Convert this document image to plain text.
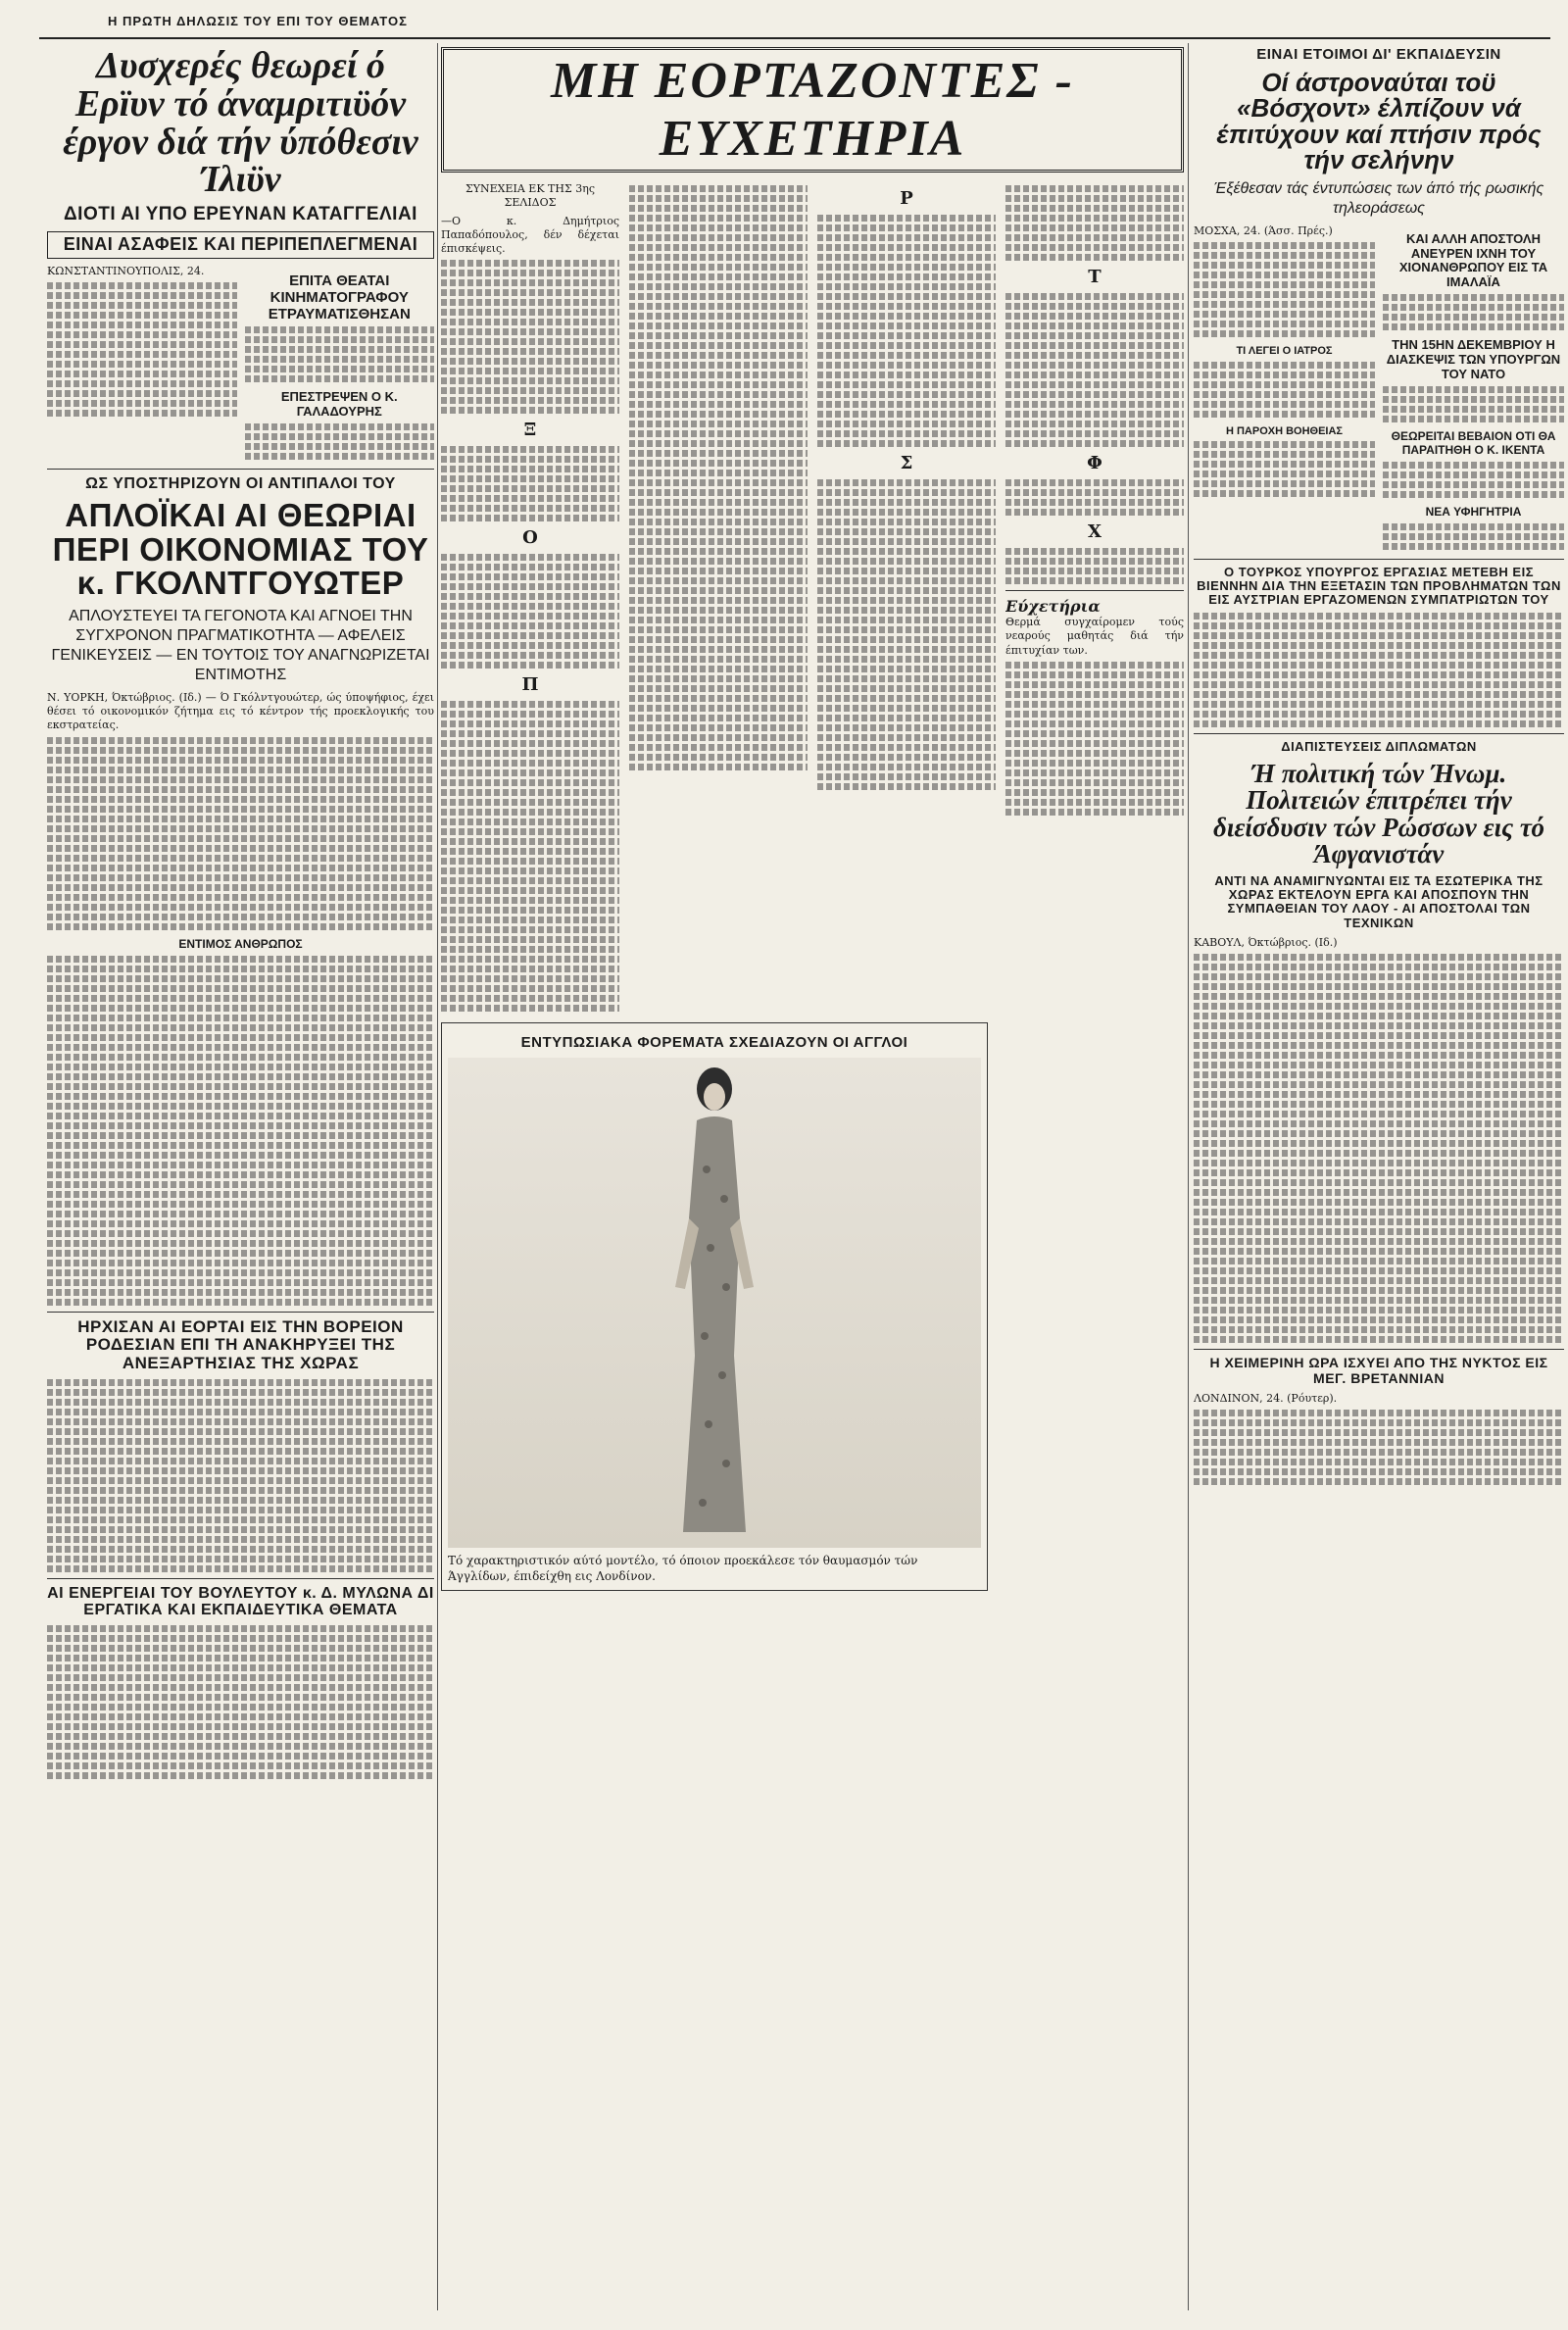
Η ΠΡΩΤΗ ΔΗΛΩΣΙΣ ΤΟΥ ΕΠΙ ΤΟΥ ΘΕΜΑΤΟΣ
Δυσχερές θεωρεί ό Ερϊυν τό άναμριτιϋόν έργον διά τήν ύπόθεσιν Ίλιϋν
ΔΙΟΤΙ ΑΙ ΥΠΟ ΕΡΕΥΝΑΝ ΚΑΤΑΓΓΕΛΙΑΙ
ΕΙΝΑΙ ΑΣΑΦΕΙΣ ΚΑΙ ΠΕΡΙΠΕΠΛΕΓΜΕΝΑΙ

ΚΩΝΣΤΑΝΤΙΝΟΥΠΟΛΙΣ, 24.

ΕΠΙΤΑ ΘΕΑΤΑΙ ΚΙΝΗΜΑΤΟΓΡΑΦΟΥ ΕΤΡΑΥΜΑΤΙΣΘΗΣΑΝ
ΕΠΕΣΤΡΕΨΕΝ Ο Κ. ΓΑΛΑΔΟΥΡΗΣ
ΩΣ ΥΠΟΣΤΗΡΙΖΟΥΝ ΟΙ ΑΝΤΙΠΑΛΟΙ ΤΟΥ
ΑΠΛΟΪΚΑΙ ΑΙ ΘΕΩΡΙΑΙ ΠΕΡΙ ΟΙΚΟΝΟΜΙΑΣ ΤΟΥ κ. ΓΚΟΛΝΤΓΟΥΩΤΕΡ
ΑΠΛΟΥΣΤΕΥΕΙ ΤΑ ΓΕΓΟΝΟΤΑ ΚΑΙ ΑΓΝΟΕΙ ΤΗΝ ΣΥΓΧΡΟΝΟΝ ΠΡΑΓΜΑΤΙΚΟΤΗΤΑ — ΑΦΕΛΕΙΣ ΓΕΝΙΚΕΥΣΕΙΣ — ΕΝ ΤΟΥΤΟΙΣ ΤΟΥ ΑΝΑΓΝΩΡΙΖΕΤΑΙ ΕΝΤΙΜΟΤΗΣ

Ν. ΥΟΡΚΗ, Όκτώβριος. (Ιδ.) — Ό Γκόλντγουώτερ, ώς ύποψήφιος, έχει θέσει τό οικονομικόν ζήτημα εις τό κέντρον τής προεκλογικής του εκστρατείας.

ΕΝΤΙΜΟΣ ΑΝΘΡΩΠΟΣ
ΗΡΧΙΣΑΝ ΑΙ ΕΟΡΤΑΙ ΕΙΣ ΤΗΝ ΒΟΡΕΙΟΝ ΡΟΔΕΣΙΑΝ ΕΠΙ ΤΗ ΑΝΑΚΗΡΥΞΕΙ ΤΗΣ ΑΝΕΞΑΡΤΗΣΙΑΣ ΤΗΣ ΧΩΡΑΣ
ΑΙ ΕΝΕΡΓΕΙΑΙ ΤΟΥ ΒΟΥΛΕΥΤΟΥ κ. Δ. ΜΥΛΩΝΑ ΔΙ ΕΡΓΑΤΙΚΑ ΚΑΙ ΕΚΠΑΙΔΕΥΤΙΚΑ ΘΕΜΑΤΑ
ΜΗ ΕΟΡΤΑΖΟΝΤΕΣ - ΕΥΧΕΤΗΡΙΑ

ΣΥΝΕΧΕΙΑ ΕΚ ΤΗΣ 3ης ΣΕΛΙΔΟΣ

—Ο κ. Δημήτριος Παπαδόπουλος, δέν δέχεται έπισκέψεις.

Ξ
Ο
Π
Ρ
Σ
Τ
Φ
Χ
Εύχετήρια

Θερμά συγχαίρομεν τούς νεαρούς μαθητάς διά τήν έπιτυχίαν των.

ΕΝΤΥΠΩΣΙΑΚΑ ΦΟΡΕΜΑΤΑ ΣΧΕΔΙΑΖΟΥΝ ΟΙ ΑΓΓΛΟΙ
Τό χαρακτηριστικόν αύτό μοντέλο, τό όποιον προεκάλεσε τόν θαυμασμόν τών Άγγλίδων, έπιδείχθη εις Λονδίνον.
ΕΙΝΑΙ ΕΤΟΙΜΟΙ ΔΙ' ΕΚΠΑΙΔΕΥΣΙΝ
Οί άστροναύται τοϋ «Βόσχοντ» έλπίζουν νά έπιτύχουν καί πτήσιν πρός τήν σελήνην
Έξέθεσαν τάς έντυπώσεις των άπό τής ρωσικής τηλεοράσεως

ΜΟΣΧΑ, 24. (Άσσ. Πρές.)

ΤΙ ΛΕΓΕΙ Ο ΙΑΤΡΟΣ
Η ΠΑΡΟΧΗ ΒΟΗΘΕΙΑΣ
ΚΑΙ ΑΛΛΗ ΑΠΟΣΤΟΛΗ ΑΝΕΥΡΕΝ ΙΧΝΗ ΤΟΥ ΧΙΟΝΑΝΘΡΩΠΟΥ ΕΙΣ ΤΑ ΙΜΑΛΑΪΑ
ΤΗΝ 15ΗΝ ΔΕΚΕΜΒΡΙΟΥ Η ΔΙΑΣΚΕΨΙΣ ΤΩΝ ΥΠΟΥΡΓΩΝ ΤΟΥ ΝΑΤΟ
ΘΕΩΡΕΙΤΑΙ ΒΕΒΑΙΟΝ ΟΤΙ ΘΑ ΠΑΡΑΙΤΗΘΗ Ο Κ. ΙΚΕΝΤΑ
ΝΕΑ ΥΦΗΓΗΤΡΙΑ
Ο ΤΟΥΡΚΟΣ ΥΠΟΥΡΓΟΣ ΕΡΓΑΣΙΑΣ ΜΕΤΕΒΗ ΕΙΣ ΒΙΕΝΝΗΝ ΔΙΑ ΤΗΝ ΕΞΕΤΑΣΙΝ ΤΩΝ ΠΡΟΒΛΗΜΑΤΩΝ ΤΩΝ ΕΙΣ ΑΥΣΤΡΙΑΝ ΕΡΓΑΖΟΜΕΝΩΝ ΣΥΜΠΑΤΡΙΩΤΩΝ ΤΟΥ
ΔΙΑΠΙΣΤΕΥΣΕΙΣ ΔΙΠΛΩΜΑΤΩΝ
Ή πολιτική τών Ήνωμ. Πολιτειών έπιτρέπει τήν διείσδυσιν τών Ρώσσων εις τό Άφγανιστάν
ΑΝΤΙ ΝΑ ΑΝΑΜΙΓΝΥΩΝΤΑΙ ΕΙΣ ΤΑ ΕΣΩΤΕΡΙΚΑ ΤΗΣ ΧΩΡΑΣ ΕΚΤΕΛΟΥΝ ΕΡΓΑ ΚΑΙ ΑΠΟΣΠΟΥΝ ΤΗΝ ΣΥΜΠΑΘΕΙΑΝ ΤΟΥ ΛΑΟΥ - ΑΙ ΑΠΟΣΤΟΛΑΙ ΤΩΝ ΤΕΧΝΙΚΩΝ

ΚΑΒΟΥΛ, Όκτώβριος. (Ιδ.)

Η ΧΕΙΜΕΡΙΝΗ ΩΡΑ ΙΣΧΥΕΙ ΑΠΟ ΤΗΣ ΝΥΚΤΟΣ ΕΙΣ ΜΕΓ. ΒΡΕΤΑΝΝΙΑΝ

ΛΟΝΔΙΝΟΝ, 24. (Ρόυτερ).
